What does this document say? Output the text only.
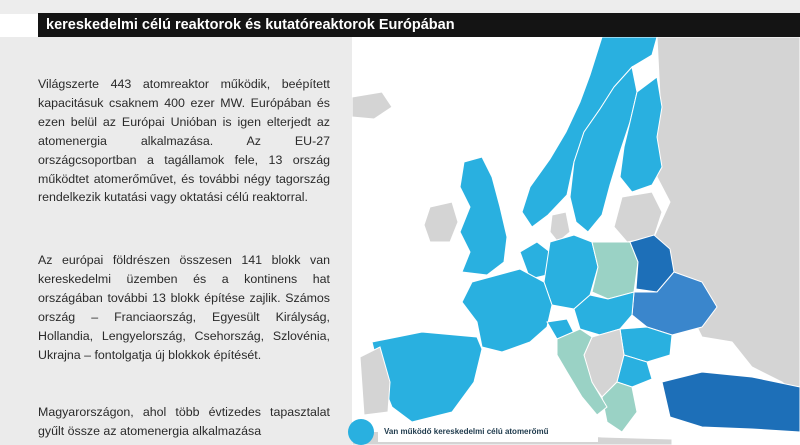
kereskedelmi célú reaktorok és kutatóreaktorok Európában

Világszerte 443 atomreaktor működik, beépített kapacitásuk csaknem 400 ezer MW. Európában és ezen belül az Európai Unióban is igen elterjedt az atomenergia alkalmazása. Az EU-27 országcsoportban a tagállamok fele, 13 ország működtet atomerőművet, és további négy tagország rendelkezik kutatási vagy oktatási célú reaktorral.

Az európai földrészen összesen 141 blokk van kereskedelmi üzemben és a kontinens hat országában további 13 blokk építése zajlik. Számos ország – Franciaország, Egyesült Királyság, Hollandia, Lengyelország, Csehország, Szlovénia, Ukrajna – fontolgatja új blokkok építését.

Magyarországon, ahol több évtizedes tapasztalat gyűlt össze az atomenergia alkalmazása	Van működő kereskedelmi célú atomerőmű
